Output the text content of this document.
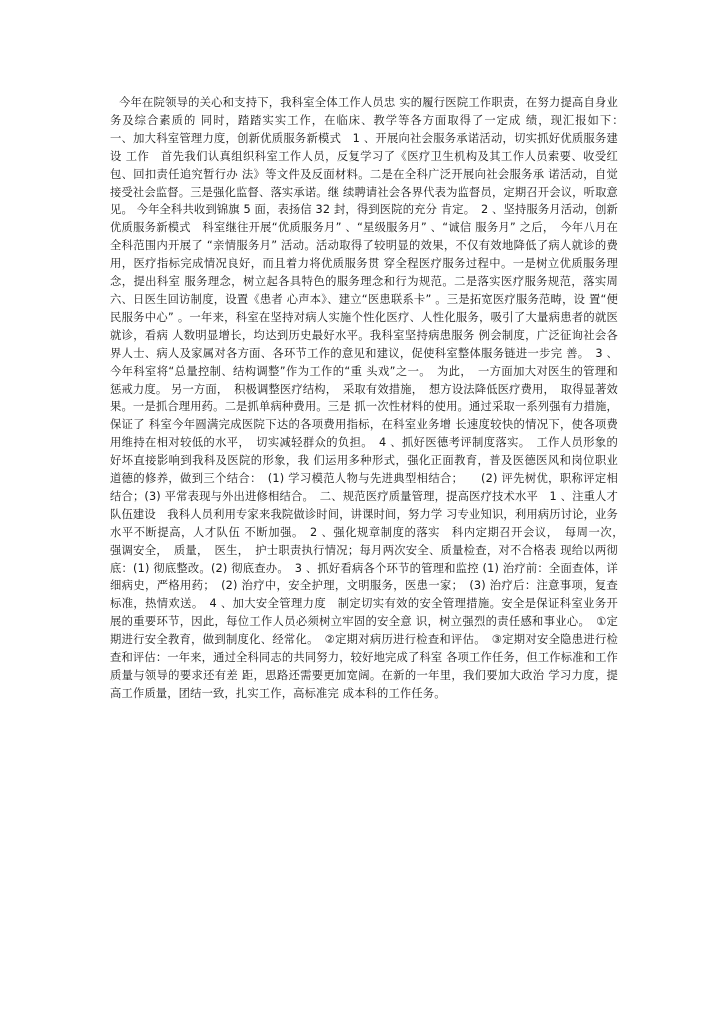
今年在院领导的关心和支持下，我科室全体工作人员忠 实的履行医院工作职责，在努力提高自身业务及综合素质的 同时，踏踏实实工作，在临床、教学等各方面取得了一定成 绩，现汇报如下：　　一、加大科室管理力度，创新优质服务新模式　1 、开展向社会服务承诺活动，切实抓好优质服务建设 工作　首先我们认真组织科室工作人员，反复学习了《医疗卫生机构及其工作人员索要、收受红包、回扣责任追究暂行办 法》等文件及反面材料。二是在全科广泛开展向社会服务承 诺活动，自觉接受社会监督。三是强化监督、落实承诺。继 续聘请社会各界代表为监督员，定期召开会议，听取意见。 今年全科共收到锦旗 5 面，表扬信 32 封，得到医院的充分 肯定。　2 、坚持服务月活动，创新优质服务新模式　科室继往开展“优质服务月” 、“星级服务月” 、“诚信 服务月” 之后，　今年八月在全科范围内开展了 “亲情服务月” 活动。活动取得了较明显的效果，不仅有效地降低了病人就诊的费用，医疗指标完成情况良好，而且着力将优质服务贯 穿全程医疗服务过程中。一是树立优质服务理念，提出科室 服务理念，树立起各具特色的服务理念和行为规范。二是落实医疗服务规范，落实周六、日医生回访制度，设置《患者 心声本》、建立“医患联系卡” 。三是拓宽医疗服务范畴，设 置“便民服务中心” 。一年来，科室在坚持对病人实施个性化医疗、人性化服务，吸引了大量病患者的就医就诊，看病 人数明显增长，均达到历史最好水平。我科室坚持病患服务 例会制度，广泛征询社会各界人士、病人及家属对各方面、各环节工作的意见和建议，促使科室整体服务链进一步完 善。　3 、今年科室将“总量控制、结构调整”作为工作的“重 头戏”之一。　为此，　一方面加大对医生的管理和惩戒力度。 另一方面，　积极调整医疗结构，　采取有效措施，　想方设法降低医疗费用，　取得显著效果。一是抓合理用药。二是抓单病种费用。三是 抓一次性材料的使用。通过采取一系列强有力措施，保证了 科室今年圆满完成医院下达的各项费用指标，在科室业务增 长速度较快的情况下，使各项费用维持在相对较低的水平，　切实减轻群众的负担。　4 、抓好医德考评制度落实。　工作人员形象的好坏直接影响到我科及医院的形象，我 们运用多种形式，强化正面教育，普及医德医风和岗位职业 道德的修养，做到三个结合：　(1) 学习模范人物与先进典型相结合；　　(2) 评先树优，职称评定相结合；(3) 平常表现与外出进修相结合。　二、规范医疗质量管理，提高医疗技术水平　1 、注重人才队伍建设　我科人员利用专家来我院做诊时间，讲课时间，努力学 习专业知识，利用病历讨论，业务水平不断提高，人才队伍 不断加强。　2 、强化规章制度的落实　科内定期召开会议，　每周一次，　强调安全，　质量，　医生，　护士职责执行情况；每月两次安全、质量检查，对不合格表 现给以两彻底：(1) 彻底整改。(2) 彻底查办。　3 、抓好看病各个环节的管理和监控 (1) 治疗前：全面查体，详细病史，严格用药；　(2) 治疗中，安全护理，文明服务，医患一家；　(3) 治疗后：注意事项，复查标准，热情欢送。　4 、加大安全管理力度　制定切实有效的安全管理措施。安全是保证科室业务开 展的重要环节，因此，每位工作人员必须树立牢固的安全意 识，树立强烈的责任感和事业心。　①定期进行安全教育，做到制度化、经常化。　②定期对病历进行检查和评估。　③定期对安全隐患进行检查和评估：一年来，通过全科同志的共同努力，较好地完成了科室 各项工作任务，但工作标准和工作质量与领导的要求还有差 距，思路还需要更加宽阔。在新的一年里，我们要加大政治 学习力度，提高工作质量，团结一致，扎实工作，高标准完 成本科的工作任务。
